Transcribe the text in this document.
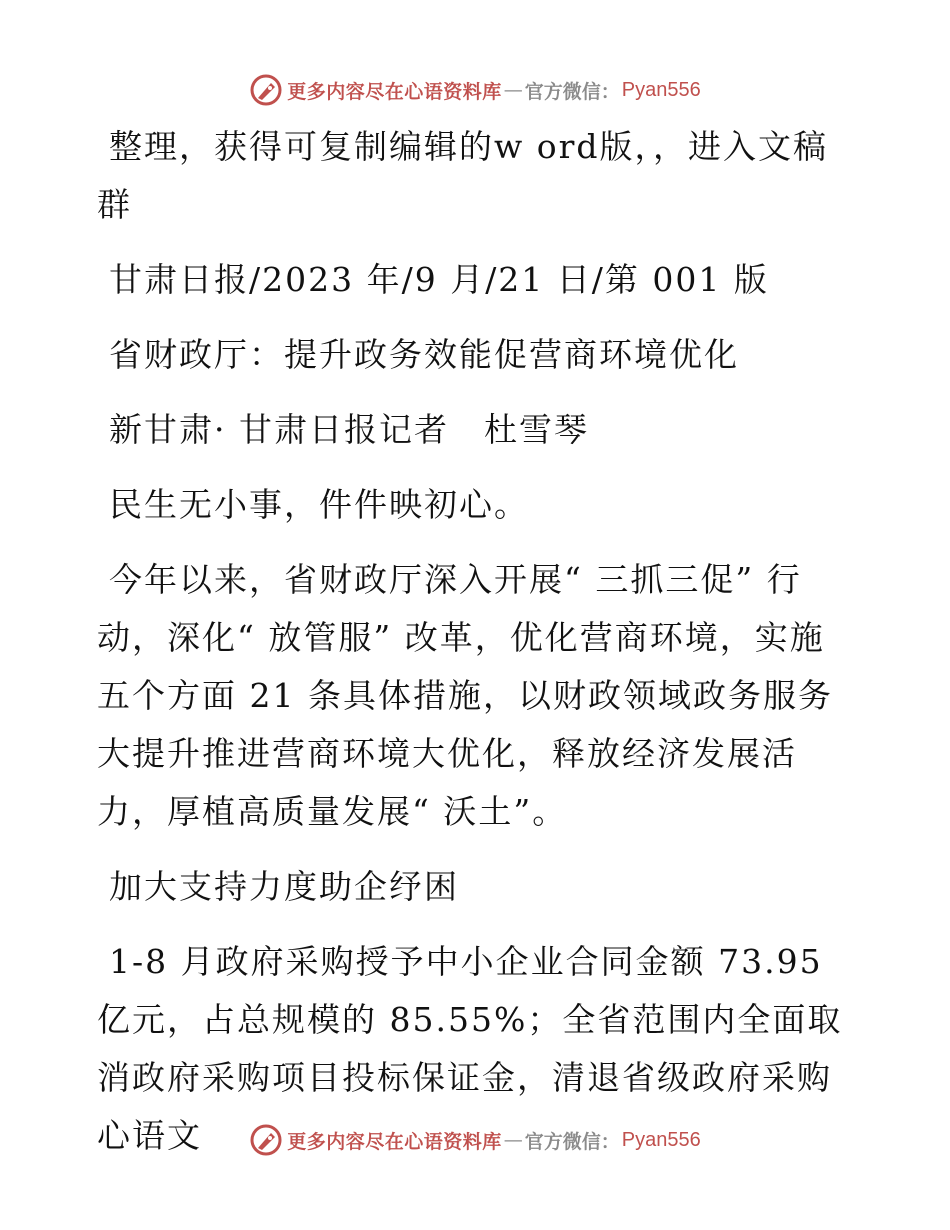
更多内容尽在心语资料库 — 官方微信： Pyan556

整理，获得可复制编辑的w ord版，，进入文稿群

甘肃日报/2023 年/9 月/21 日/第 001 版

省财政厅：提升政务效能促营商环境优化

新甘肃· 甘肃日报记者　杜雪琴

民生无小事，件件映初心。

今年以来，省财政厅深入开展“ 三抓三促” 行动，深化“ 放管服” 改革，优化营商环境，实施五个方面 21 条具体措施，以财政领域政务服务大提升推进营商环境大优化，释放经济发展活力，厚植高质量发展“ 沃土”。

加大支持力度助企纾困

1-8 月政府采购授予中小企业合同金额 73.95 亿元，占总规模的 85.55%；全省范围内全面取消政府采购项目投标保证金，清退省级政府采购心语文	更多内容尽在心语资料库 — 官方微信： Pyan556
